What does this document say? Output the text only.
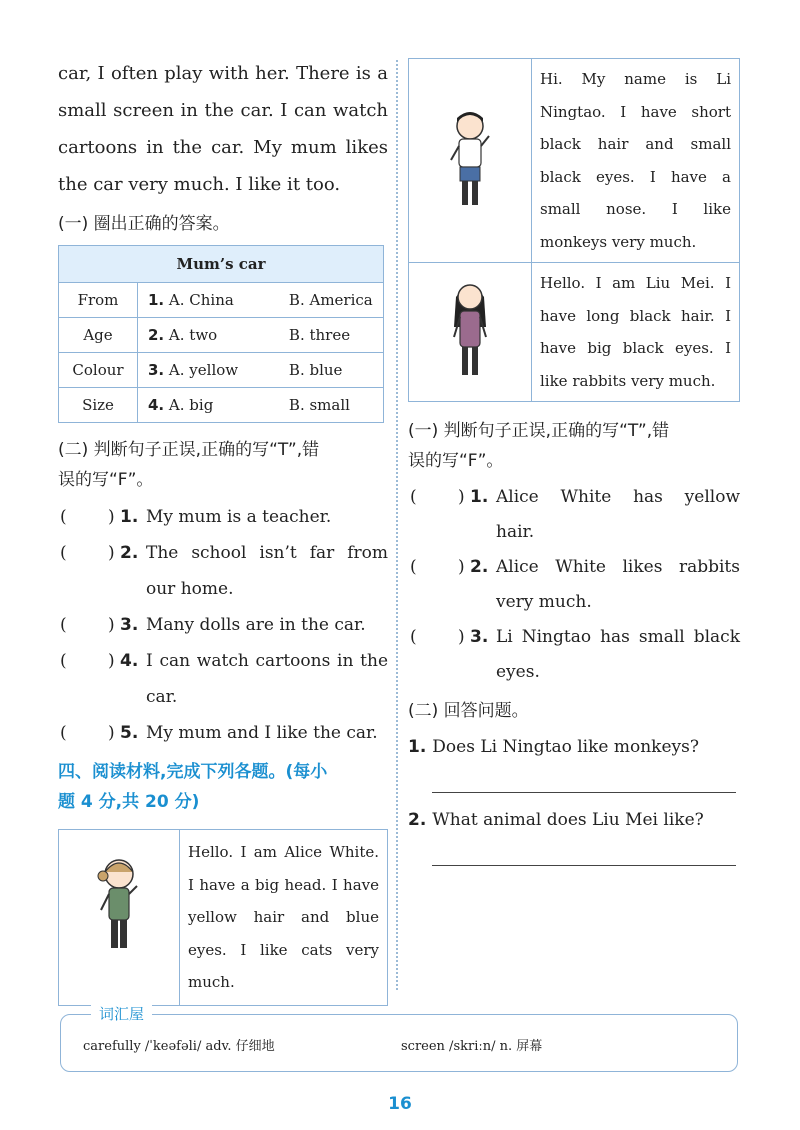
car, I often play with her. There is a
small screen in the car. I can watch
cartoons in the car. My mum likes
the car very much. I like it too.
(一) 圈出正确的答案。
Mum’s car	
From	1. A. China B. America
Age	2. A. two B. three
Colour	3. A. yellow B. blue
Size	4. A. big B. small
(二) 判断句子正误,正确的写“T”,错
误的写“F”。
( ) 1. My mum is a teacher.
( ) 2. The school isn’t far from
our home.
( ) 3. Many dolls are in the car.
( ) 4. I can watch cartoons in the
car.
( ) 5. My mum and I like the car.
四、阅读材料,完成下列各题。(每小
题 4 分,共 20 分)
Hello. I am Alice White. I have a big head. I have yellow hair and blue eyes. I like cats very much.
Hi. My name is Li Ningtao. I have short black hair and small black eyes. I have a small nose. I like monkeys very much.
Hello. I am Liu Mei. I have long black hair. I have big black eyes. I like rabbits very much.
(一) 判断句子正误,正确的写“T”,错
误的写“F”。
( ) 1. Alice White has yellow
hair.
( ) 2. Alice White likes rabbits
very much.
( ) 3. Li Ningtao has small black
eyes.
(二) 回答问题。
1. Does Li Ningtao like monkeys?
2. What animal does Liu Mei like?
词汇屋
carefully /ˈkeəfəli/ adv. 仔细地	screen /skriːn/ n. 屏幕
16
